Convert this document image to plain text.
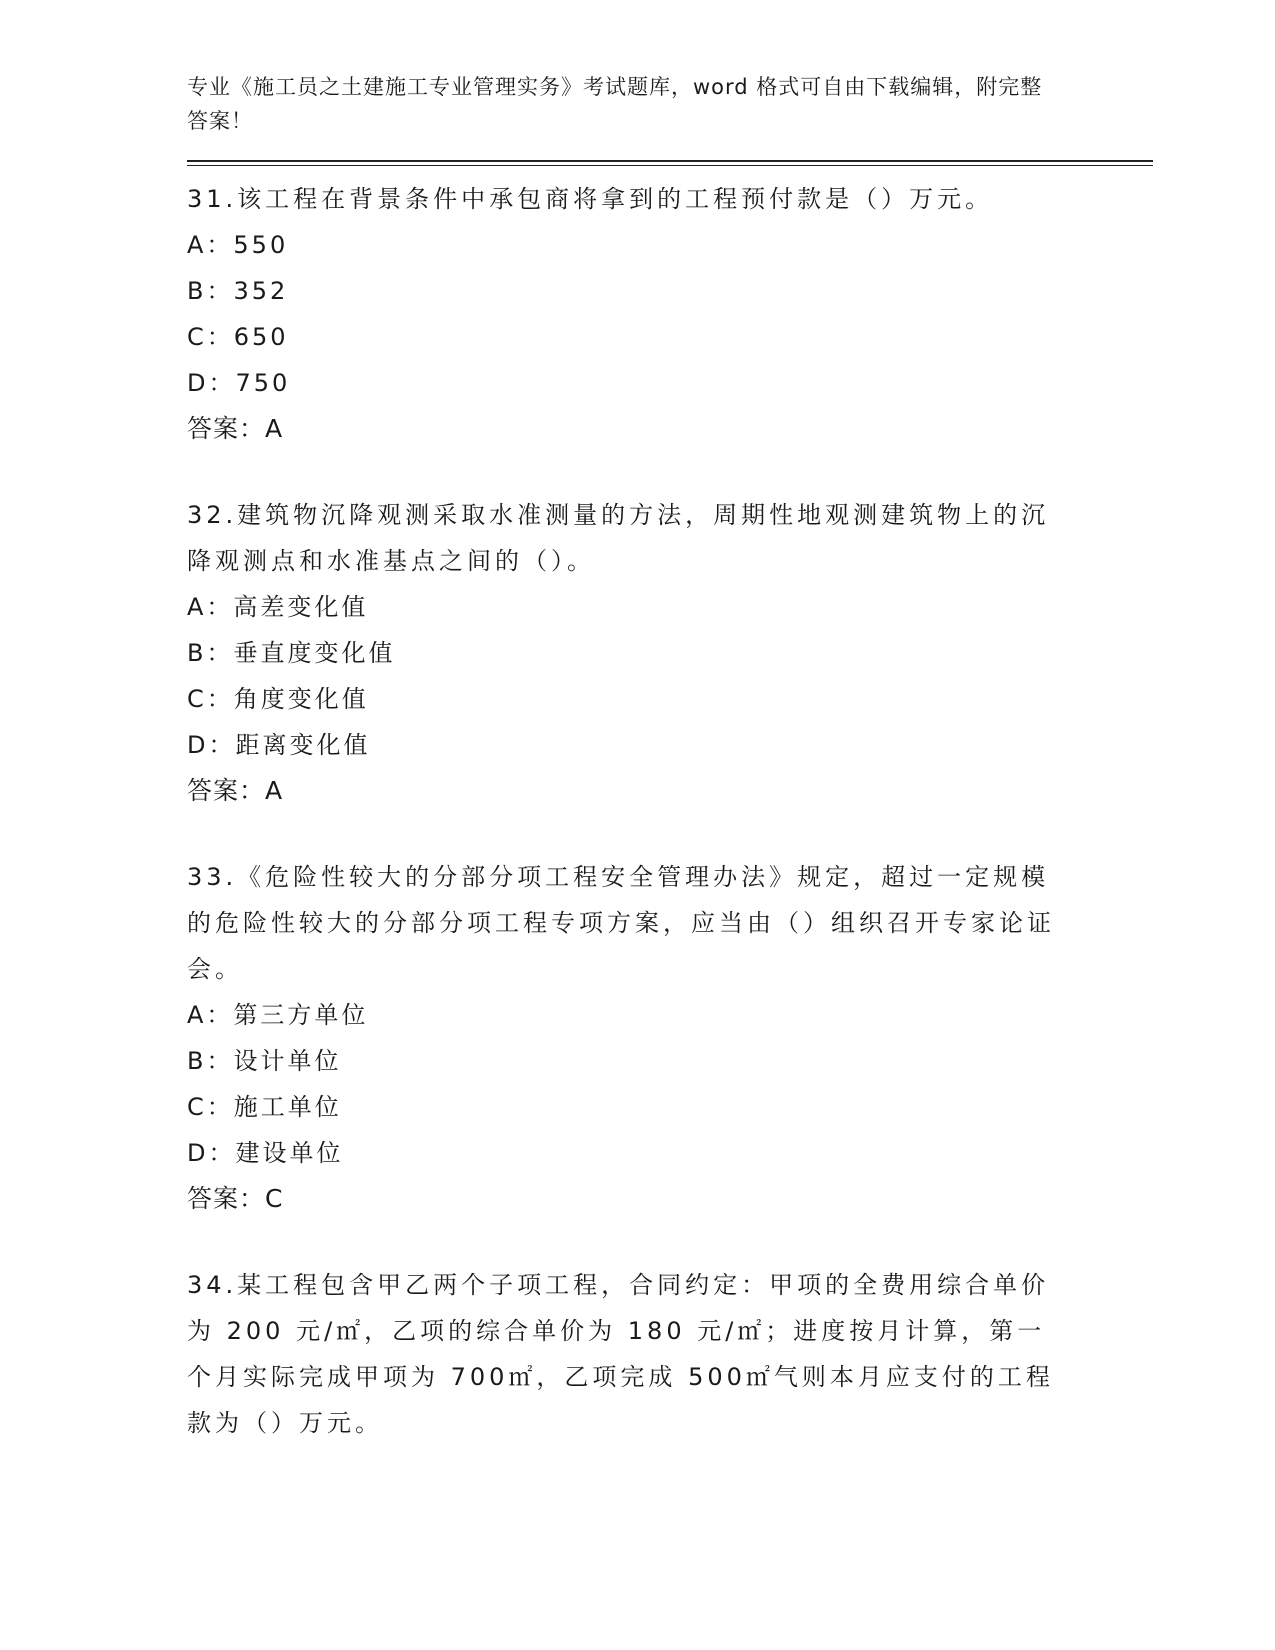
专业《施工员之土建施工专业管理实务》考试题库，word 格式可自由下载编辑，附完整答案！
31.该工程在背景条件中承包商将拿到的工程预付款是（）万元。
A：550
B：352
C：650
D：750
答案：A
32.建筑物沉降观测采取水准测量的方法，周期性地观测建筑物上的沉降观测点和水准基点之间的（）。
A：高差变化值
B：垂直度变化值
C：角度变化值
D：距离变化值
答案：A
33.《危险性较大的分部分项工程安全管理办法》规定，超过一定规模的危险性较大的分部分项工程专项方案，应当由（）组织召开专家论证会。
A：第三方单位
B：设计单位
C：施工单位
D：建设单位
答案：C
34.某工程包含甲乙两个子项工程，合同约定：甲项的全费用综合单价为 200 元/㎡，乙项的综合单价为 180 元/㎡；进度按月计算，第一个月实际完成甲项为 700㎡，乙项完成 500㎡气则本月应支付的工程款为（）万元。
